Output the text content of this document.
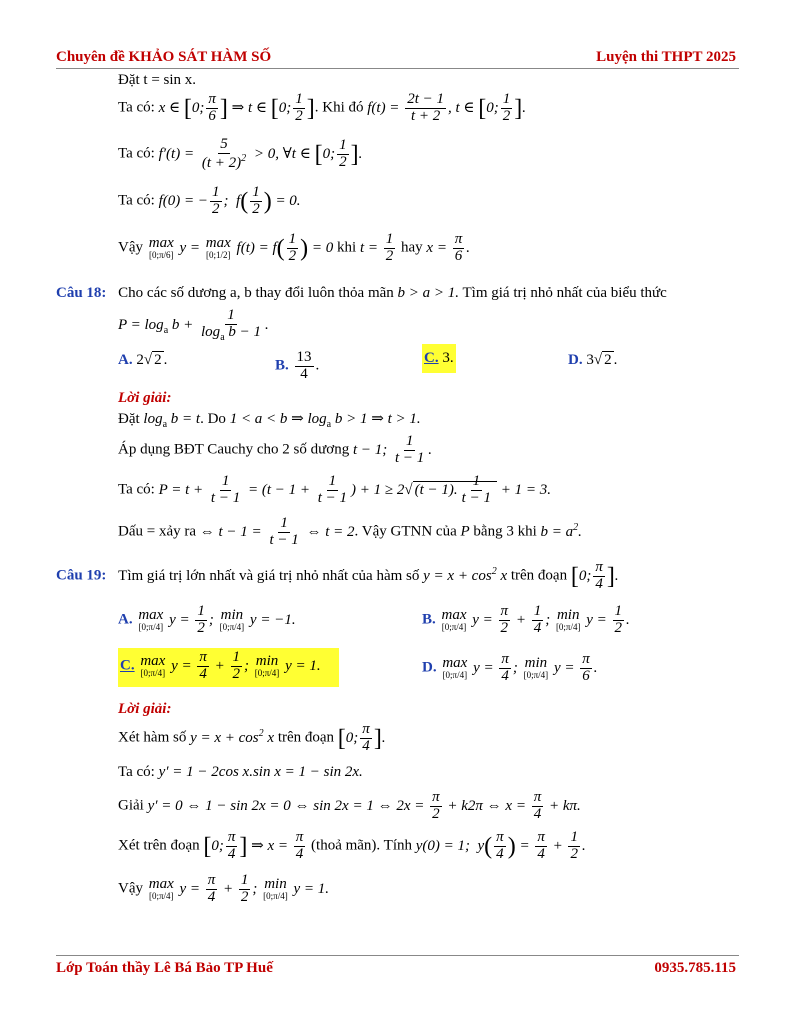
Chuyên đề KHẢO SÁT HÀM SỐ	Luyện thi THPT 2025
Đặt t = sin x.
Ta có: x ∈ [0; $\frac{\pi}{6}$ ] ⇒ t ∈ [0; $\frac{1}{2}$ ]. Khi đó $f(t) = \frac{2t - 1}{t + 2}$ , t ∈ [0; $\frac{1}{2}$ ].
Ta có: $f'(t) = \frac{5}{(t + 2)^2} > 0$, ∀t ∈ [0; $\frac{1}{2}$ ].
Ta có: f(0) = − $\frac{1}{2}$ ;  $f( \frac{1}{2}$ ) = 0.
Vậy max
[0;π/6] y = max
[0;1/2] $f(t) = f( \frac{1}{2}$ ) = 0 khi $t = \frac{1}{2}$ hay $x = \frac{\pi}{6}$ .
Câu 18: Cho các số dương a, b thay đổi luôn thỏa mãn b > a > 1. Tìm giá trị nhỏ nhất của biểu thức
$P = \log_a b + \frac{1}{\log_a b - 1}$ .
A. 2√ 2 .	B. $\frac{13}{4}$ .	C. 3.	D. 3√ 2 .
Lời giải:
Đặt $\log_a b = t$. Do 1 < a < b ⇒ $\log_a b > 1$ ⇒ t > 1.
Áp dụng BĐT Cauchy cho 2 số dương t − 1; $\frac{1}{t - 1}$ .
Ta có: $P = t + \frac{1}{t - 1} = (t - 1 + \frac{1}{t - 1}$ ) + 1 ≥ 2√ (t − 1). $\frac{1}{t - 1} + 1 = 3$.
Dấu = xảy ra ⇔ $t - 1 = \frac{1}{t - 1}$ ⇔ t = 2. Vậy GTNN của P bằng 3 khi $b = a^2$.
Câu 19: Tìm giá trị lớn nhất và giá trị nhỏ nhất của hàm số $y = x + \cos^2 x$ trên đoạn [0; $\frac{\pi}{4}$ ].
A. max
[0;π/4] $y = \frac{1}{2}$ ; min
[0;π/4] y = −1.	B. max
[0;π/4] $y = \frac{\pi}{2} + \frac{1}{4}$ ; min
[0;π/4] $y = \frac{1}{2}$ .
C. max
[0;π/4] $y = \frac{\pi}{4} + \frac{1}{2}$ ; min
[0;π/4] y = 1.	D. max
[0;π/4] $y = \frac{\pi}{4}$ ; min
[0;π/4] $y = \frac{\pi}{6}$ .
Lời giải:
Xét hàm số $y = x + \cos^2 x$ trên đoạn [0; $\frac{\pi}{4}$ ].
Ta có: y′ = 1 − 2cos x.sin x = 1 − sin 2x.
Giải y′ = 0 ⇔ 1 − sin 2x = 0 ⇔ sin 2x = 1 ⇔ $2x = \frac{\pi}{2} + k2\pi$ ⇔ $x = \frac{\pi}{4} + k\pi$.
Xét trên đoạn [0; $\frac{\pi}{4}$ ] ⇒ $x = \frac{\pi}{4}$ (thoả mãn). Tính y(0) = 1;  $y( \frac{\pi}{4}$ ) = $\frac{\pi}{4} + \frac{1}{2}$ .
Vậy max
[0;π/4] $y = \frac{\pi}{4} + \frac{1}{2}$ ; min
[0;π/4] y = 1.
Lớp Toán thầy Lê Bá Bảo TP Huế	0935.785.115
